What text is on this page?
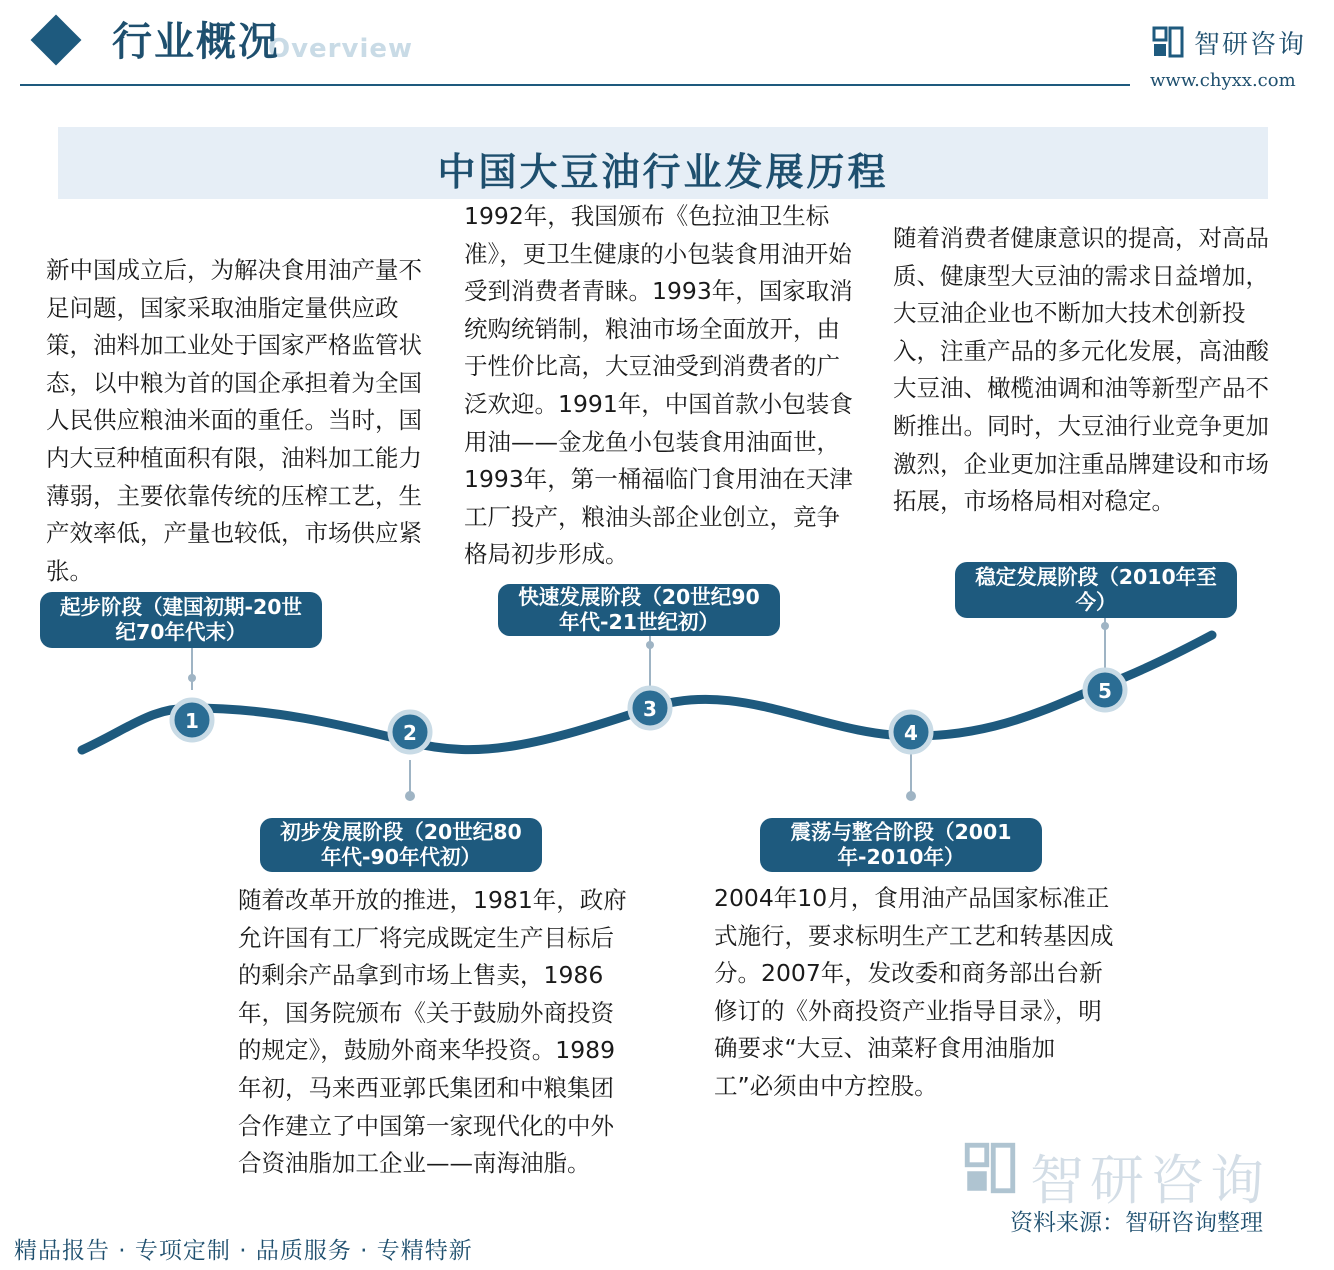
Overview
行业概况	智研咨询
www.chyxx.com
中国大豆油行业发展历程
1	2
3
4
5
起步阶段（建国初期-20世纪70年代末）
快速发展阶段（20世纪90年代-21世纪初）
稳定发展阶段（2010年至今）
初步发展阶段（20世纪80年代-90年代初）
震荡与整合阶段（2001年-2010年）
新中国成立后，为解决食用油产量不足问题，国家采取油脂定量供应政策，油料加工业处于国家严格监管状态，以中粮为首的国企承担着为全国人民供应粮油米面的重任。当时，国内大豆种植面积有限，油料加工能力薄弱，主要依靠传统的压榨工艺，生产效率低，产量也较低，市场供应紧张。
1992年，我国颁布《色拉油卫生标准》，更卫生健康的小包装食用油开始受到消费者青睐。1993年，国家取消统购统销制，粮油市场全面放开，由于性价比高，大豆油受到消费者的广泛欢迎。1991年，中国首款小包装食用油——金龙鱼小包装食用油面世，1993年，第一桶福临门食用油在天津工厂投产，粮油头部企业创立，竞争格局初步形成。
随着消费者健康意识的提高，对高品质、健康型大豆油的需求日益增加，大豆油企业也不断加大技术创新投入，注重产品的多元化发展，高油酸大豆油、橄榄油调和油等新型产品不断推出。同时，大豆油行业竞争更加激烈，企业更加注重品牌建设和市场拓展，市场格局相对稳定。
随着改革开放的推进，1981年，政府允许国有工厂将完成既定生产目标后的剩余产品拿到市场上售卖，1986年，国务院颁布《关于鼓励外商投资的规定》，鼓励外商来华投资。1989年初，马来西亚郭氏集团和中粮集团合作建立了中国第一家现代化的中外合资油脂加工企业——南海油脂。
2004年10月，食用油产品国家标准正式施行，要求标明生产工艺和转基因成分。2007年，发改委和商务部出台新修订的《外商投资产业指导目录》，明确要求“大豆、油菜籽食用油脂加工”必须由中方控股。
智研咨询
精品报告 · 专项定制 · 品质服务 · 专精特新
资料来源：智研咨询整理
